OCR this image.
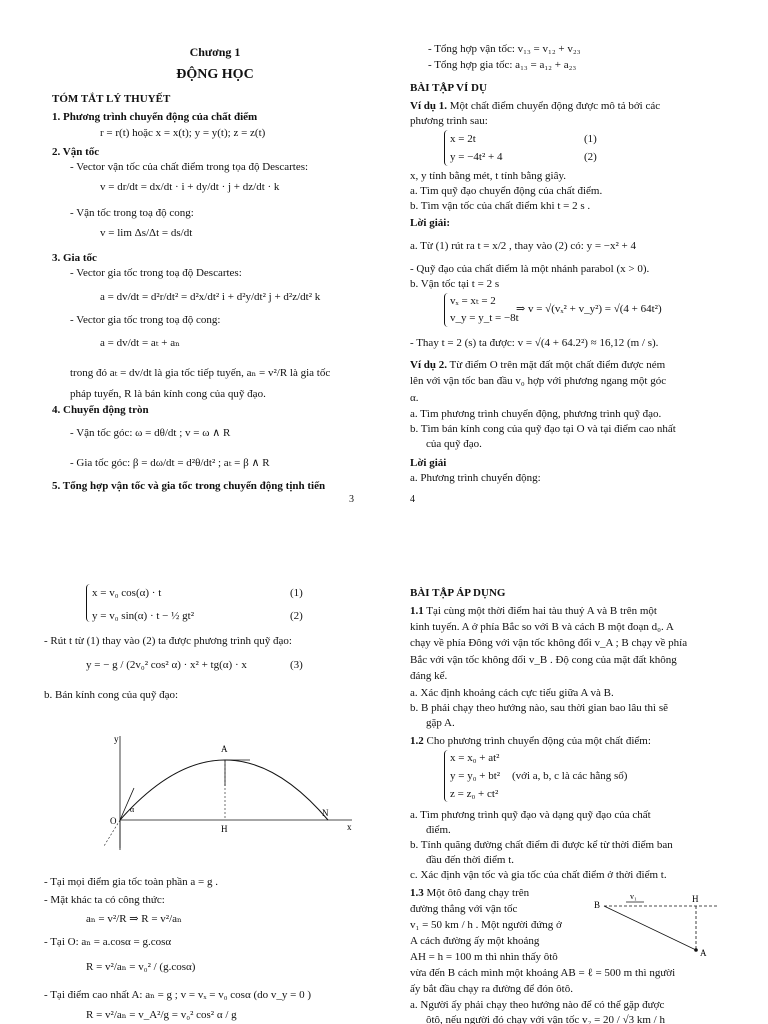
Chương 1
ĐỘNG HỌC
TÓM TẮT LÝ THUYẾT
1. Phương trình chuyển động của chất điểm
r = r(t) hoặc x = x(t); y = y(t); z = z(t)
2. Vận tốc
- Vector vận tốc của chất điểm trong tọa độ Descartes:
v = dr/dt = dx/dt · i + dy/dt · j + dz/dt · k
- Vận tốc trong toạ độ cong:
v = lim Δs/Δt = ds/dt
3. Gia tốc
- Vector gia tốc trong toạ độ Descartes:
a = dv/dt = d²r/dt² = d²x/dt² i + d²y/dt² j + d²z/dt² k
- Vector gia tốc trong toạ độ cong:
a = dv/dt = aₜ + aₙ
trong đó aₜ = dv/dt là gia tốc tiếp tuyến, aₙ = v²/R là gia tốc
pháp tuyến, R là bán kính cong của quỹ đạo.
4. Chuyển động tròn
- Vận tốc góc: ω = dθ/dt ; v = ω ∧ R
- Gia tốc góc: β = dω/dt = d²θ/dt² ; aₜ = β ∧ R
5. Tổng hợp vận tốc và gia tốc trong chuyển động tịnh tiến
3
- Tổng hợp vận tốc: v₁₃ = v₁₂ + v₂₃
- Tổng hợp gia tốc: a₁₃ = a₁₂ + a₂₃
BÀI TẬP VÍ DỤ
Ví dụ 1. Một chất điểm chuyển động được mô tả bởi các
phương trình sau:
x = 2t	(1)
y = −4t² + 4	(2)
x, y tính bằng mét, t tính bằng giây.
a. Tìm quỹ đạo chuyển động của chất điểm.
b. Tìm vận tốc của chất điểm khi t = 2 s .
Lời giải:
a. Từ (1) rút ra t = x/2 , thay vào (2) có: y = −x² + 4
- Quỹ đạo của chất điểm là một nhánh parabol (x > 0).
b. Vận tốc tại t = 2 s
vₓ = xₜ = 2
v_y = y_t = −8t
⇒ v = √(vₓ² + v_y²) = √(4 + 64t²)
- Thay t = 2 (s) ta được: v = √(4 + 64.2²) ≈ 16,12 (m / s).
Ví dụ 2. Từ điểm O trên mặt đất một chất điểm được ném
lên với vận tốc ban đầu v₀ hợp với phương ngang một góc
α.
a. Tìm phương trình chuyển động, phương trình quỹ đạo.
b. Tìm bán kính cong của quỹ đạo tại O và tại điểm cao nhất
của quỹ đạo.
Lời giải
a. Phương trình chuyển động:
4
x = v₀ cos(α) · t	(1)
y = v₀ sin(α) · t − ½ gt²	(2)
- Rút t từ (1) thay vào (2) ta được phương trình quỹ đạo:
y = − g / (2v₀² cos² α) · x² + tg(α) · x	(3)
b. Bán kính cong của quỹ đạo:
y
x
A
O
H
N
α
- Tại mọi điểm gia tốc toàn phần a = g .
- Mặt khác ta có công thức:
aₙ = v²/R ⇒ R = v²/aₙ
- Tại O: aₙ = a.cosα = g.cosα
R = v²/aₙ = v₀² / (g.cosα)
- Tại điểm cao nhất A: aₙ = g ; v = vₓ = v₀ cosα (do v_y = 0 )
R = v²/aₙ = v_A²/g = v₀² cos² α / g
BÀI TẬP ÁP DỤNG
1.1 Tại cùng một thời điểm hai tàu thuỷ A và B trên một
kinh tuyến. A ở phía Bắc so với B và cách B một đoạn d₀. A
chạy về phía Đông với vận tốc không đổi v_A ; B chạy về phía
Bắc với vận tốc không đổi v_B . Độ cong của mặt đất không
đáng kể.
a. Xác định khoảng cách cực tiểu giữa A và B.
b. B phải chạy theo hướng nào, sau thời gian bao lâu thì sẽ
gặp A.
1.2 Cho phương trình chuyển động của một chất điểm:
x = x₀ + at²
y = y₀ + bt² (với a, b, c là các hằng số)
z = z₀ + ct²
a. Tìm phương trình quỹ đạo và dạng quỹ đạo của chất
điểm.
b. Tính quãng đường chất điểm đi được kể từ thời điểm ban
đầu đến thời điểm t.
c. Xác định vận tốc và gia tốc của chất điểm ở thời điểm t.
1.3 Một ôtô đang chạy trên
đường thẳng với vận tốc
v₁ = 50 km / h . Một người đứng ở
A cách đường ấy một khoảng
AH = h = 100 m thì nhìn thấy ôtô
B
H
A
v₁
vừa đến B cách mình một khoảng AB = ℓ = 500 m thì người
ấy bắt đầu chạy ra đường để đón ôtô.
a. Người ấy phải chạy theo hướng nào để có thể gặp được
ôtô, nếu người đó chạy với vận tốc v₂ = 20 / √3 km / h
